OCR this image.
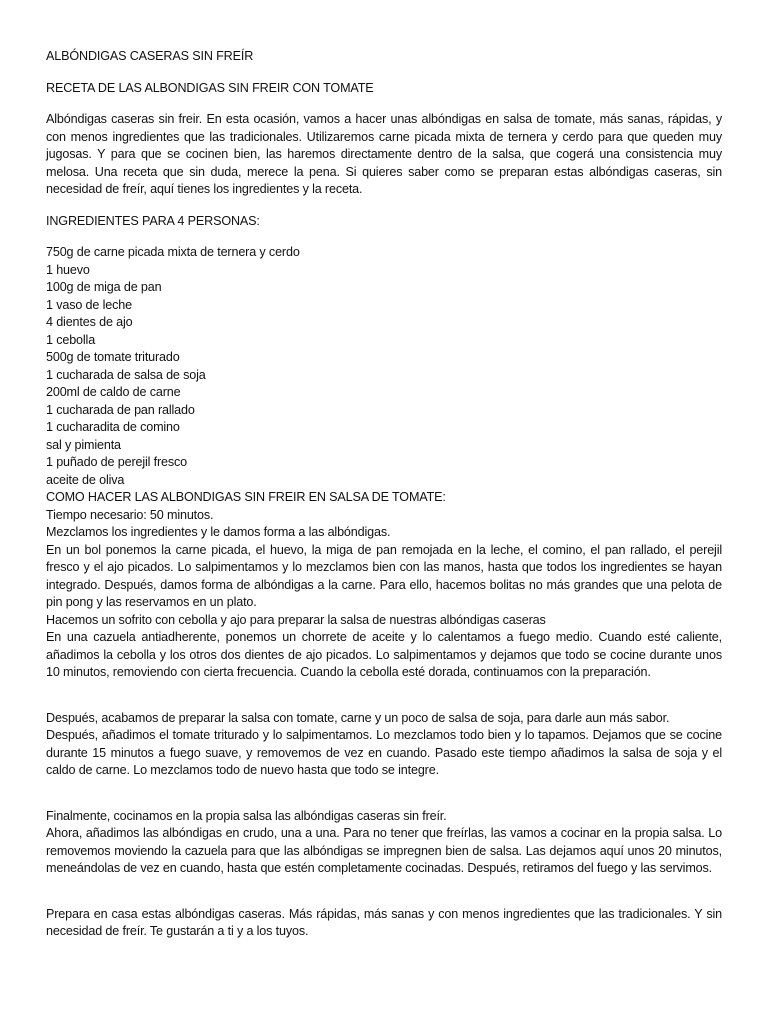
ALBÓNDIGAS CASERAS SIN FREÍR

RECETA DE LAS ALBONDIGAS SIN FREIR CON TOMATE

Albóndigas caseras sin freir. En esta ocasión, vamos a hacer unas albóndigas en salsa de tomate, más sanas, rápidas, y con menos ingredientes que las tradicionales. Utilizaremos carne picada mixta de ternera y cerdo para que queden muy jugosas. Y para que se cocinen bien, las haremos directamente dentro de la salsa, que cogerá una consistencia muy melosa. Una receta que sin duda, merece la pena. Si quieres saber como se preparan estas albóndigas caseras, sin necesidad de freír, aquí tienes los ingredientes y la receta.

INGREDIENTES PARA 4 PERSONAS:

750g de carne picada mixta de ternera y cerdo
1 huevo
100g de miga de pan
1 vaso de leche
4 dientes de ajo
1 cebolla
500g de tomate triturado
1 cucharada de salsa de soja
200ml de caldo de carne
1 cucharada de pan rallado
1 cucharadita de comino
sal y pimienta
1 puñado de perejil fresco
aceite de oliva
COMO HACER LAS ALBONDIGAS SIN FREIR EN SALSA DE TOMATE:
Tiempo necesario: 50 minutos.
Mezclamos los ingredientes y le damos forma a las albóndigas.

En un bol ponemos la carne picada, el huevo, la miga de pan remojada en la leche, el comino, el pan rallado, el perejil fresco y el ajo picados. Lo salpimentamos y lo mezclamos bien con las manos, hasta que todos los ingredientes se hayan integrado. Después, damos forma de albóndigas a la carne. Para ello, hacemos bolitas no más grandes que una pelota de pin pong y las reservamos en un plato.

Hacemos un sofrito con cebolla y ajo para preparar la salsa de nuestras albóndigas caseras

En una cazuela antiadherente, ponemos un chorrete de aceite y lo calentamos a fuego medio. Cuando esté caliente, añadimos la cebolla y los otros dos dientes de ajo picados. Lo salpimentamos y dejamos que todo se cocine durante unos 10 minutos, removiendo con cierta frecuencia. Cuando la cebolla esté dorada, continuamos con la preparación.

Después, acabamos de preparar la salsa con tomate, carne y un poco de salsa de soja, para darle aun más sabor.

Después, añadimos el tomate triturado y lo salpimentamos. Lo mezclamos todo bien y lo tapamos. Dejamos que se cocine durante 15 minutos a fuego suave, y removemos de vez en cuando. Pasado este tiempo añadimos la salsa de soja y el caldo de carne. Lo mezclamos todo de nuevo hasta que todo se integre.

Finalmente, cocinamos en la propia salsa las albóndigas caseras sin freír.

Ahora, añadimos las albóndigas en crudo, una a una. Para no tener que freírlas, las vamos a cocinar en la propia salsa. Lo removemos moviendo la cazuela para que las albóndigas se impregnen bien de salsa. Las dejamos aquí unos 20 minutos, meneándolas de vez en cuando, hasta que estén completamente cocinadas. Después, retiramos del fuego y las servimos.

Prepara en casa estas albóndigas caseras. Más rápidas, más sanas y con menos ingredientes que las tradicionales. Y sin necesidad de freír. Te gustarán a ti y a los tuyos.
